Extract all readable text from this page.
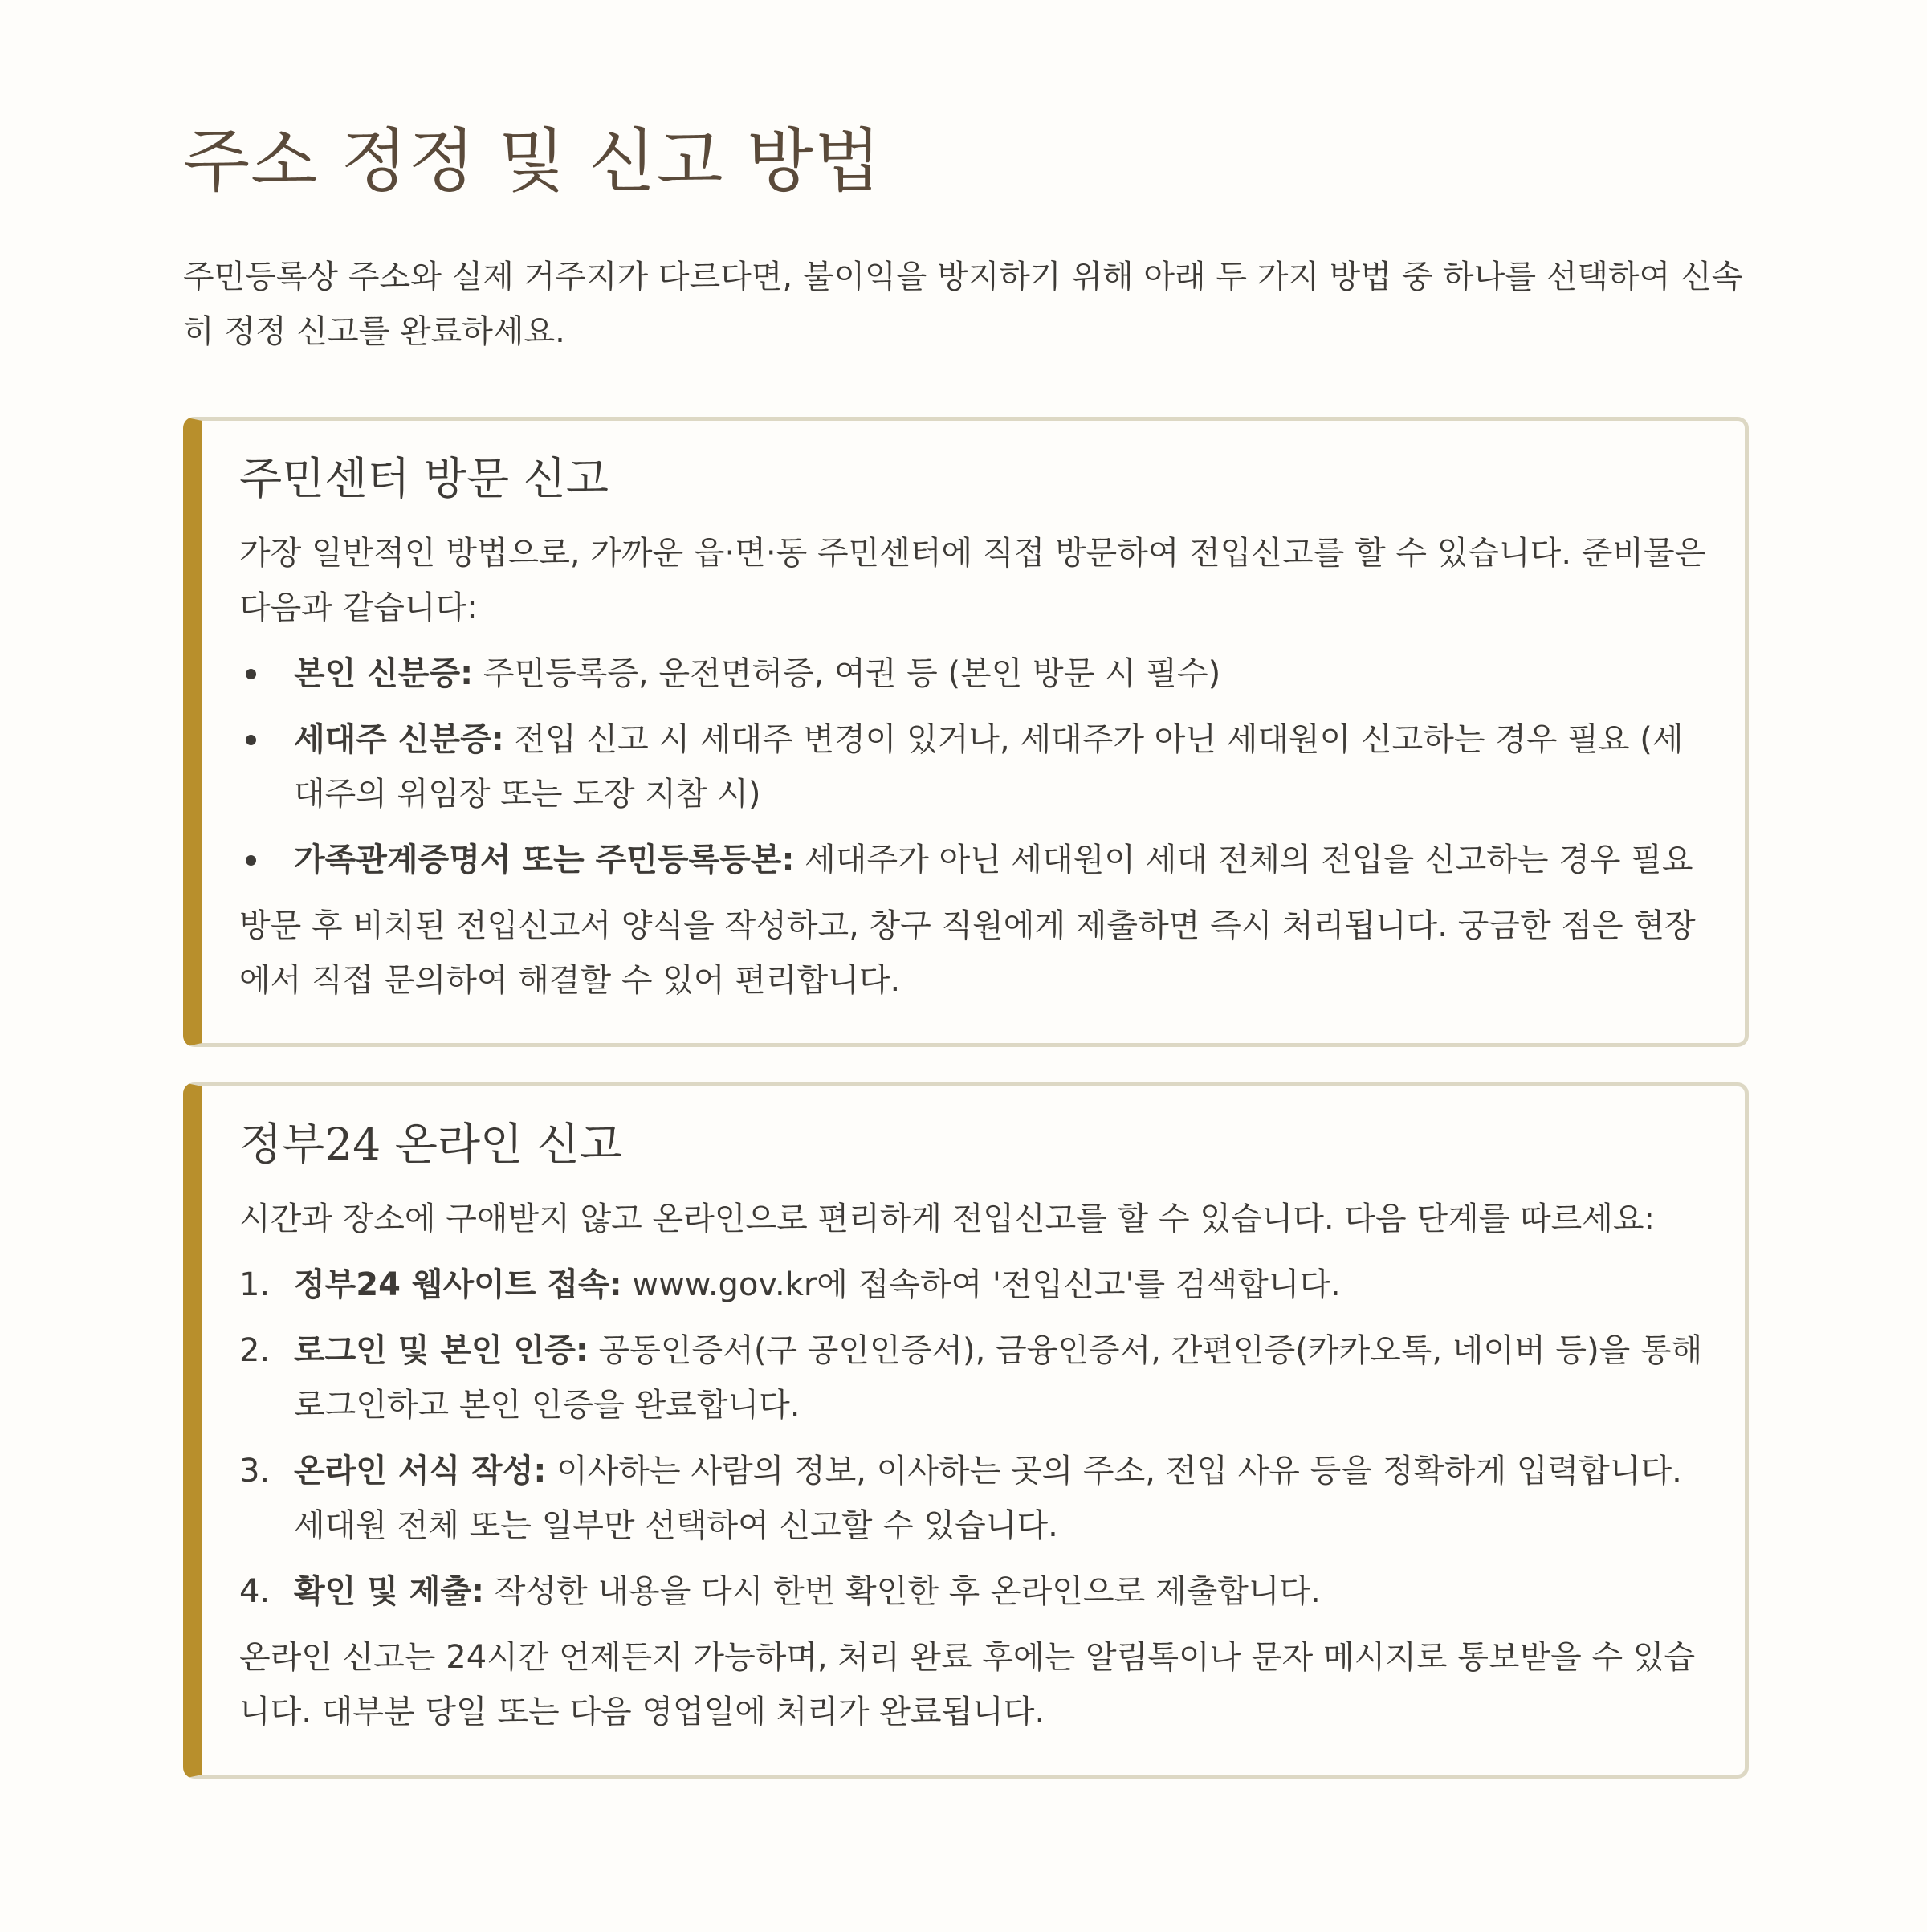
주소 정정 및 신고 방법
주민등록상 주소와 실제 거주지가 다르다면, 불이익을 방지하기 위해 아래 두 가지 방법 중 하나를 선택하여 신속히 정정 신고를 완료하세요.
주민센터 방문 신고

가장 일반적인 방법으로, 가까운 읍·면·동 주민센터에 직접 방문하여 전입신고를 할 수 있습니다. 준비물은 다음과 같습니다:

본인 신분증: 주민등록증, 운전면허증, 여권 등 (본인 방문 시 필수)
세대주 신분증: 전입 신고 시 세대주 변경이 있거나, 세대주가 아닌 세대원이 신고하는 경우 필요 (세대주의 위임장 또는 도장 지참 시)
가족관계증명서 또는 주민등록등본: 세대주가 아닌 세대원이 세대 전체의 전입을 신고하는 경우 필요

방문 후 비치된 전입신고서 양식을 작성하고, 창구 직원에게 제출하면 즉시 처리됩니다. 궁금한 점은 현장에서 직접 문의하여 해결할 수 있어 편리합니다.

정부24 온라인 신고

시간과 장소에 구애받지 않고 온라인으로 편리하게 전입신고를 할 수 있습니다. 다음 단계를 따르세요:

1. 정부24 웹사이트 접속: www.gov.kr에 접속하여 '전입신고'를 검색합니다.
2. 로그인 및 본인 인증: 공동인증서(구 공인인증서), 금융인증서, 간편인증(카카오톡, 네이버 등)을 통해 로그인하고 본인 인증을 완료합니다.
3. 온라인 서식 작성: 이사하는 사람의 정보, 이사하는 곳의 주소, 전입 사유 등을 정확하게 입력합니다. 세대원 전체 또는 일부만 선택하여 신고할 수 있습니다.
4. 확인 및 제출: 작성한 내용을 다시 한번 확인한 후 온라인으로 제출합니다.

온라인 신고는 24시간 언제든지 가능하며, 처리 완료 후에는 알림톡이나 문자 메시지로 통보받을 수 있습니다. 대부분 당일 또는 다음 영업일에 처리가 완료됩니다.
